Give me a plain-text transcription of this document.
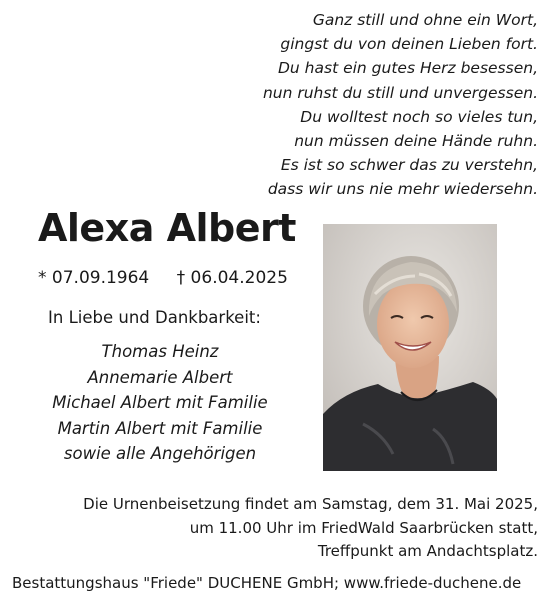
Ganz still und ohne ein Wort,
gingst du von deinen Lieben fort.
Du hast ein gutes Herz besessen,
nun ruhst du still und unvergessen.
Du wolltest noch so vieles tun,
nun müssen deine Hände ruhn.
Es ist so schwer das zu verstehn,
dass wir uns nie mehr wiedersehn.
Alexa Albert
* 07.09.1964 † 06.04.2025
In Liebe und Dankbarkeit:
Thomas Heinz
Annemarie Albert
Michael Albert mit Familie
Martin Albert mit Familie
sowie alle Angehörigen
Die Urnenbeisetzung findet am Samstag, dem 31. Mai 2025,
um 11.00 Uhr im FriedWald Saarbrücken statt,
Treffpunkt am Andachtsplatz.
Bestattungshaus "Friede" DUCHENE GmbH; www.friede-duchene.de
